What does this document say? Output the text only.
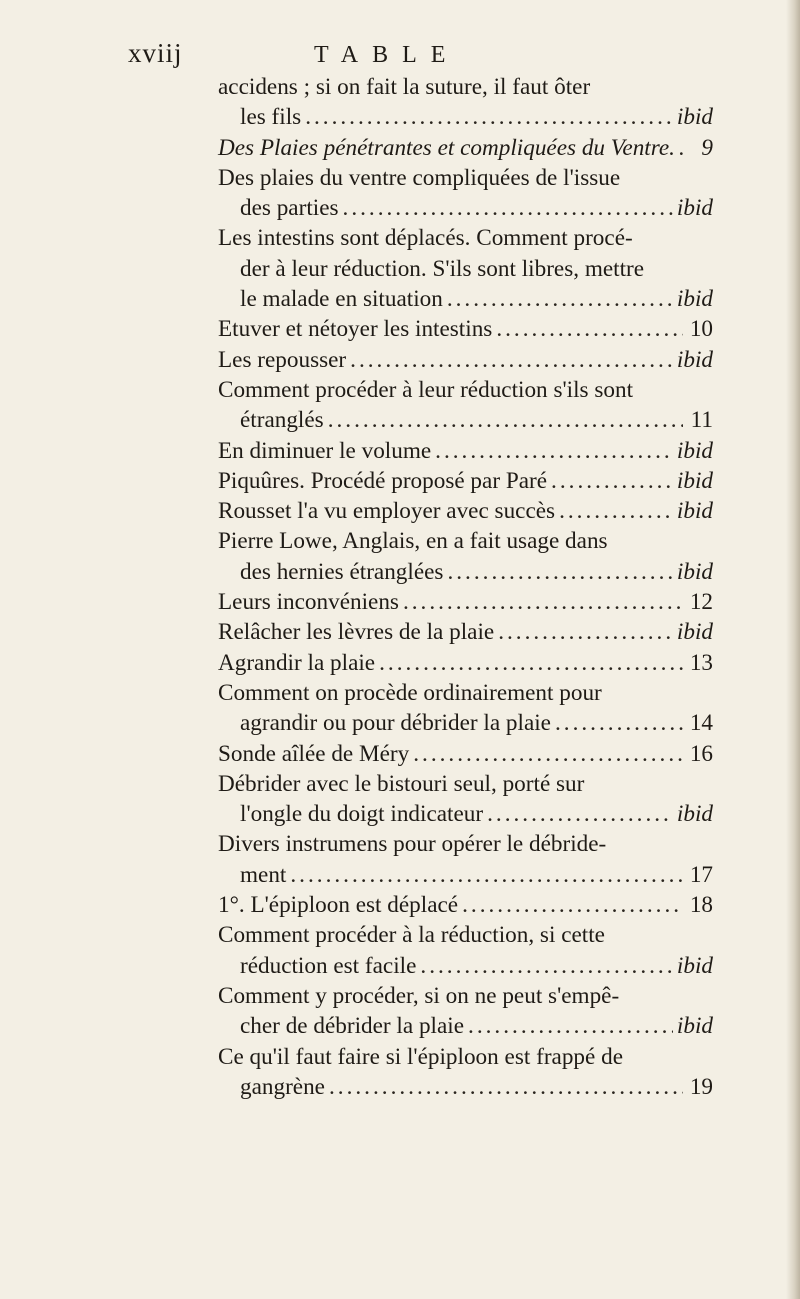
xviij	TABLE
accidens ; si on fait la suture, il faut ôter
les fils .....	ibid
Des Plaies pénétrantes et compliquées du Ventre. .....	9
Des plaies du ventre compliquées de l'issue
des parties .....	ibid
Les intestins sont déplacés. Comment procé-
der à leur réduction. S'ils sont libres, mettre
le malade en situation .....	ibid
Etuver et nétoyer les intestins .....	10
Les repousser .....	ibid
Comment procéder à leur réduction s'ils sont
étranglés .....	11
En diminuer le volume .....	ibid
Piquûres. Procédé proposé par Paré .....	ibid
Rousset l'a vu employer avec succès .....	ibid
Pierre Lowe, Anglais, en a fait usage dans
des hernies étranglées .....	ibid
Leurs inconvéniens .....	12
Relâcher les lèvres de la plaie .....	ibid
Agrandir la plaie .....	13
Comment on procède ordinairement pour
agrandir ou pour débrider la plaie .....	14
Sonde aîlée de Méry .....	16
Débrider avec le bistouri seul, porté sur
l'ongle du doigt indicateur .....	ibid
Divers instrumens pour opérer le débride-
ment .....	17
1°. L'épiploon est déplacé .....	18
Comment procéder à la réduction, si cette
réduction est facile .....	ibid
Comment y procéder, si on ne peut s'empê-
cher de débrider la plaie .....	ibid
Ce qu'il faut faire si l'épiploon est frappé de
gangrène .....	19
